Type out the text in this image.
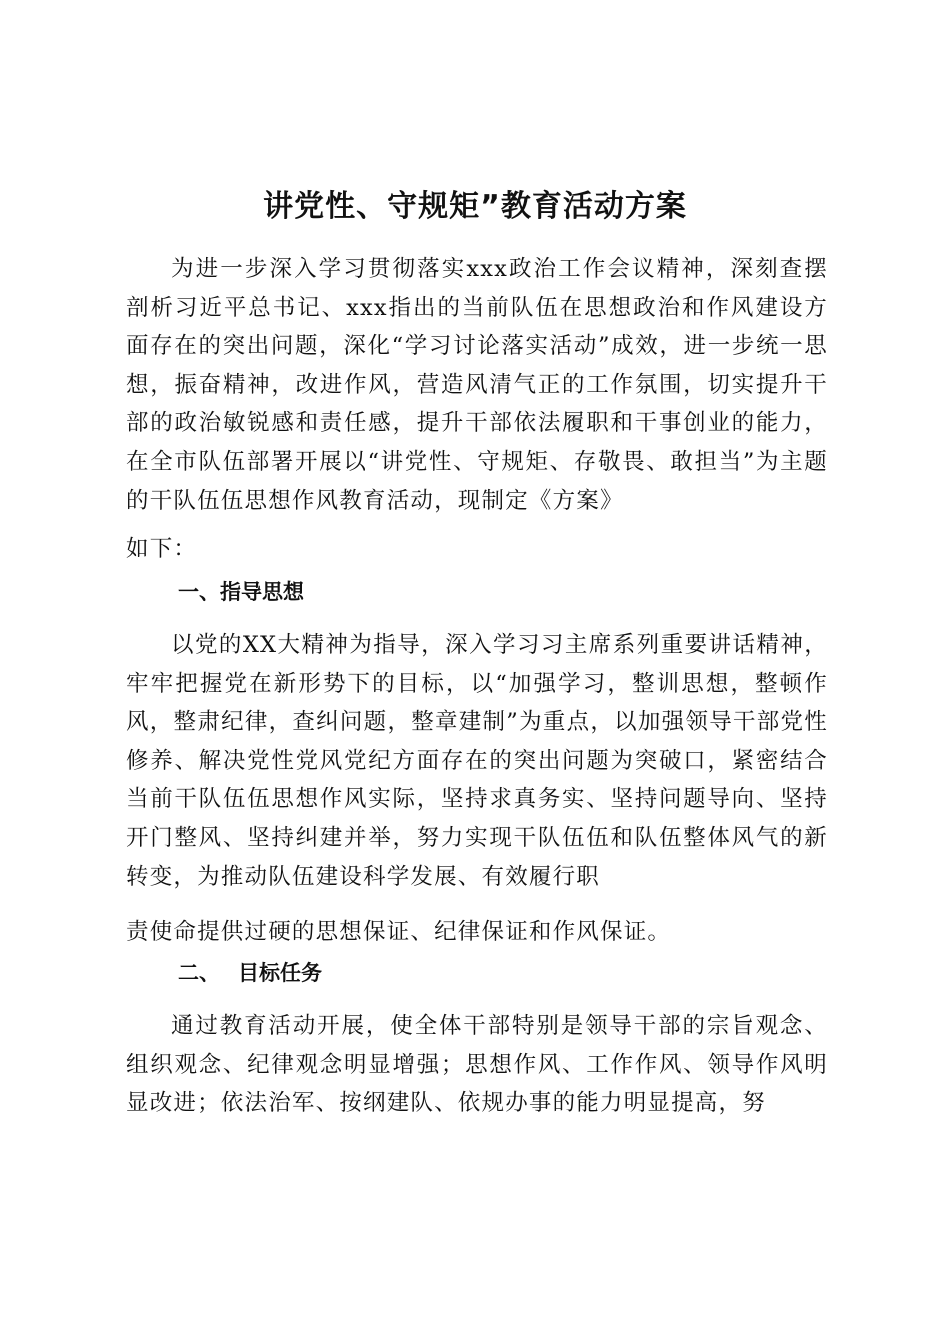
讲党性、守规矩”教育活动方案

为进一步深入学习贯彻落实xxx政治工作会议精神，深刻查摆剖析习近平总书记、xxx指出的当前队伍在思想政治和作风建设方面存在的突出问题，深化“学习讨论落实活动”成效，进一步统一思想，振奋精神，改进作风，营造风清气正的工作氛围，切实提升干部的政治敏锐感和责任感，提升干部依法履职和干事创业的能力，在全市队伍部署开展以“讲党性、守规矩、存敬畏、敢担当”为主题的干队伍伍思想作风教育活动，现制定《方案》

如下：
一、指导思想

以党的XX大精神为指导，深入学习习主席系列重要讲话精神，牢牢把握党在新形势下的目标，以“加强学习，整训思想，整顿作风，整肃纪律，查纠问题，整章建制”为重点，以加强领导干部党性修养、解决党性党风党纪方面存在的突出问题为突破口，紧密结合当前干队伍伍思想作风实际，坚持求真务实、坚持问题导向、坚持开门整风、坚持纠建并举，努力实现干队伍伍和队伍整体风气的新转变，为推动队伍建设科学发展、有效履行职

责使命提供过硬的思想保证、纪律保证和作风保证。
二、 目标任务

通过教育活动开展，使全体干部特别是领导干部的宗旨观念、组织观念、纪律观念明显增强；思想作风、工作作风、领导作风明显改进；依法治军、按纲建队、依规办事的能力明显提高，努
